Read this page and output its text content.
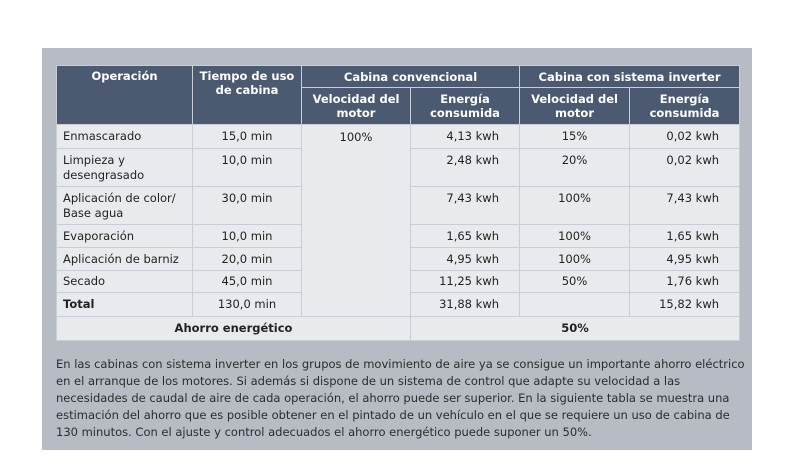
Operación	Tiempo de uso de cabina	Cabina convencional		Cabina con sistema inverter	
		Velocidad del motor	Energía consumida	Velocidad del motor	Energía consumida
Enmascarado	15,0 min	100%	4,13 kwh	15%	0,02 kwh
Limpieza y desengrasado	10,0 min		2,48 kwh	20%	0,02 kwh
Aplicación de color/ Base agua	30,0 min		7,43 kwh	100%	7,43 kwh
Evaporación	10,0 min		1,65 kwh	100%	1,65 kwh
Aplicación de barniz	20,0 min		4,95 kwh	100%	4,95 kwh
Secado	45,0 min		11,25 kwh	50%	1,76 kwh
Total	130,0 min		31,88 kwh		15,82 kwh
Ahorro energético			50%		

En las cabinas con sistema inverter en los grupos de movimiento de aire ya se consigue un importante ahorro eléctrico en el arranque de los motores. Si además si dispone de un sistema de control que adapte su velocidad a las necesidades de caudal de aire de cada operación, el ahorro puede ser superior. En la siguiente tabla se muestra una estimación del ahorro que es posible obtener en el pintado de un vehículo en el que se requiere un uso de cabina de 130 minutos. Con el ajuste y control adecuados el ahorro energético puede suponer un 50%.
